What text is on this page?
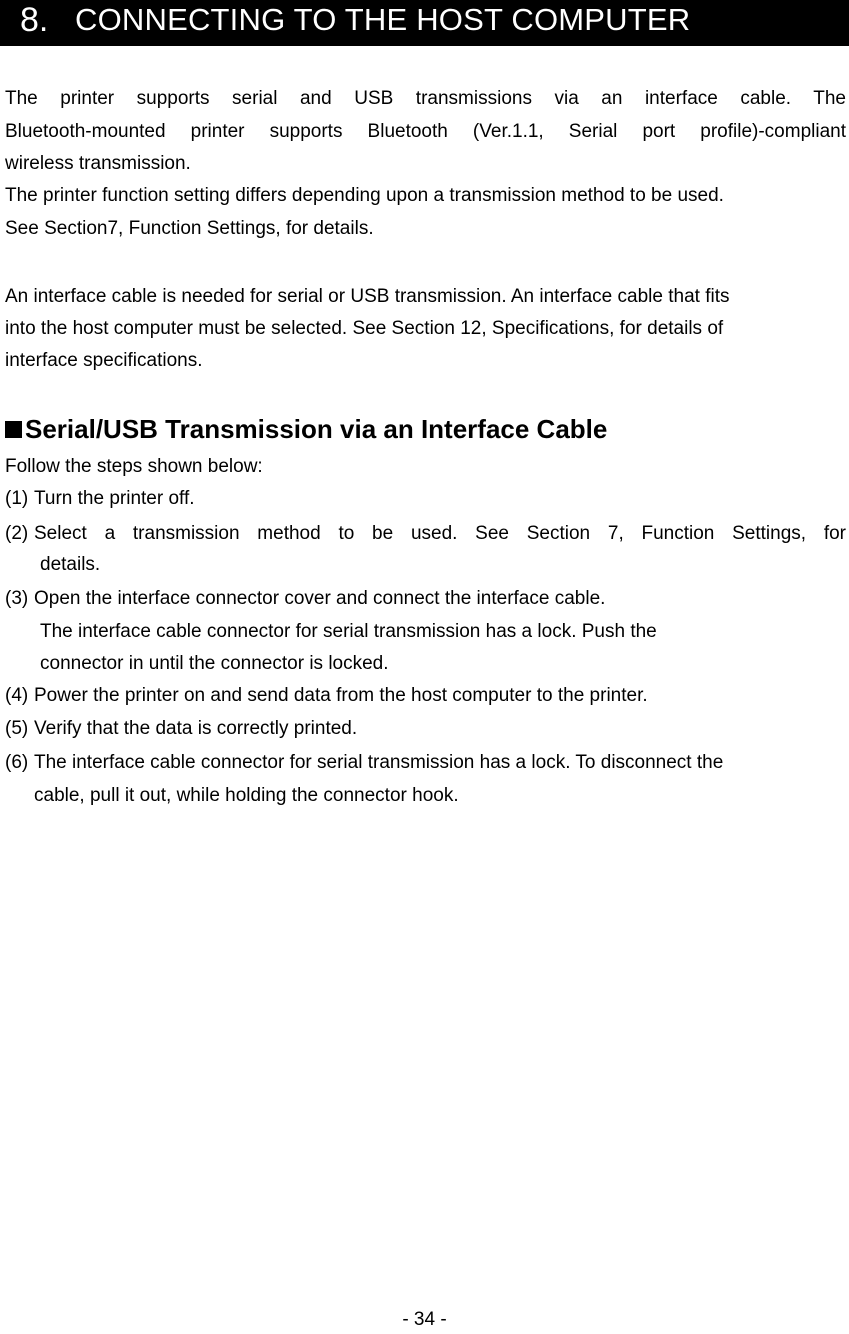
8. CONNECTING TO THE HOST COMPUTER
The printer supports serial and USB transmissions via an interface cable. The
Bluetooth-mounted printer supports Bluetooth (Ver.1.1, Serial port profile)-compliant
wireless transmission.
The printer function setting differs depending upon a transmission method to be used.
See Section7, Function Settings, for details.
An interface cable is needed for serial or USB transmission. An interface cable that fits
into the host computer must be selected. See Section 12, Specifications, for details of
interface specifications.
Serial/USB Transmission via an Interface Cable
Follow the steps shown below:
(1) Turn the printer off.
(2) Select a transmission method to be used. See Section 7, Function Settings, for
details.
(3) Open the interface connector cover and connect the interface cable.
The interface cable connector for serial transmission has a lock. Push the
connector in until the connector is locked.
(4) Power the printer on and send data from the host computer to the printer.
(5) Verify that the data is correctly printed.
(6) The interface cable connector for serial transmission has a lock. To disconnect the
cable, pull it out, while holding the connector hook.
- 34 -
